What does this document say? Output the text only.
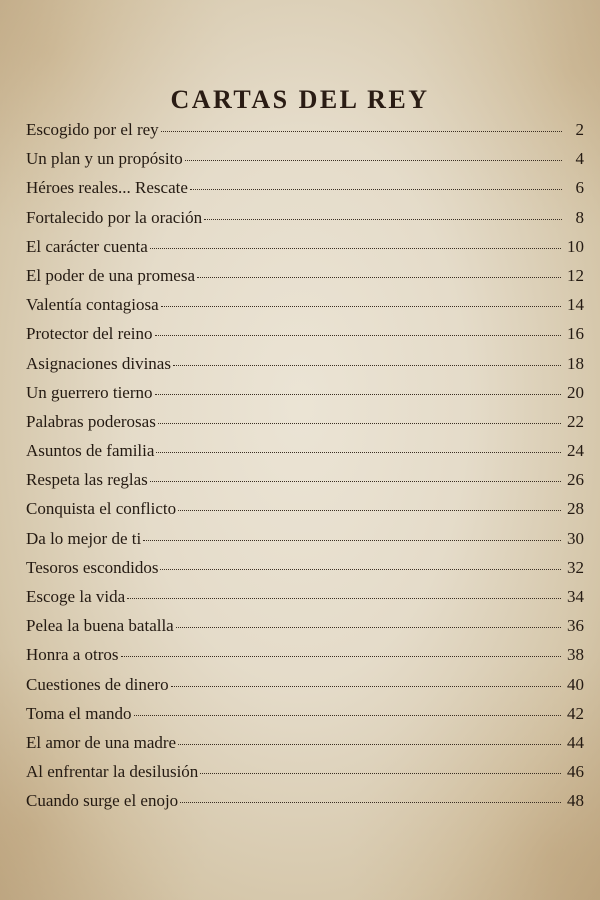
CARTAS DEL REY
Escogido por el rey	2
Un plan y un propósito	4
Héroes reales... Rescate	6
Fortalecido por la oración	8
El carácter cuenta	10
El poder de una promesa	12
Valentía contagiosa	14
Protector del reino	16
Asignaciones divinas	18
Un guerrero tierno	20
Palabras poderosas	22
Asuntos de familia	24
Respeta las reglas	26
Conquista el conflicto	28
Da lo mejor de ti	30
Tesoros escondidos	32
Escoge la vida	34
Pelea la buena batalla	36
Honra a otros	38
Cuestiones de dinero	40
Toma el mando	42
El amor de una madre	44
Al enfrentar la desilusión	46
Cuando surge el enojo	48
